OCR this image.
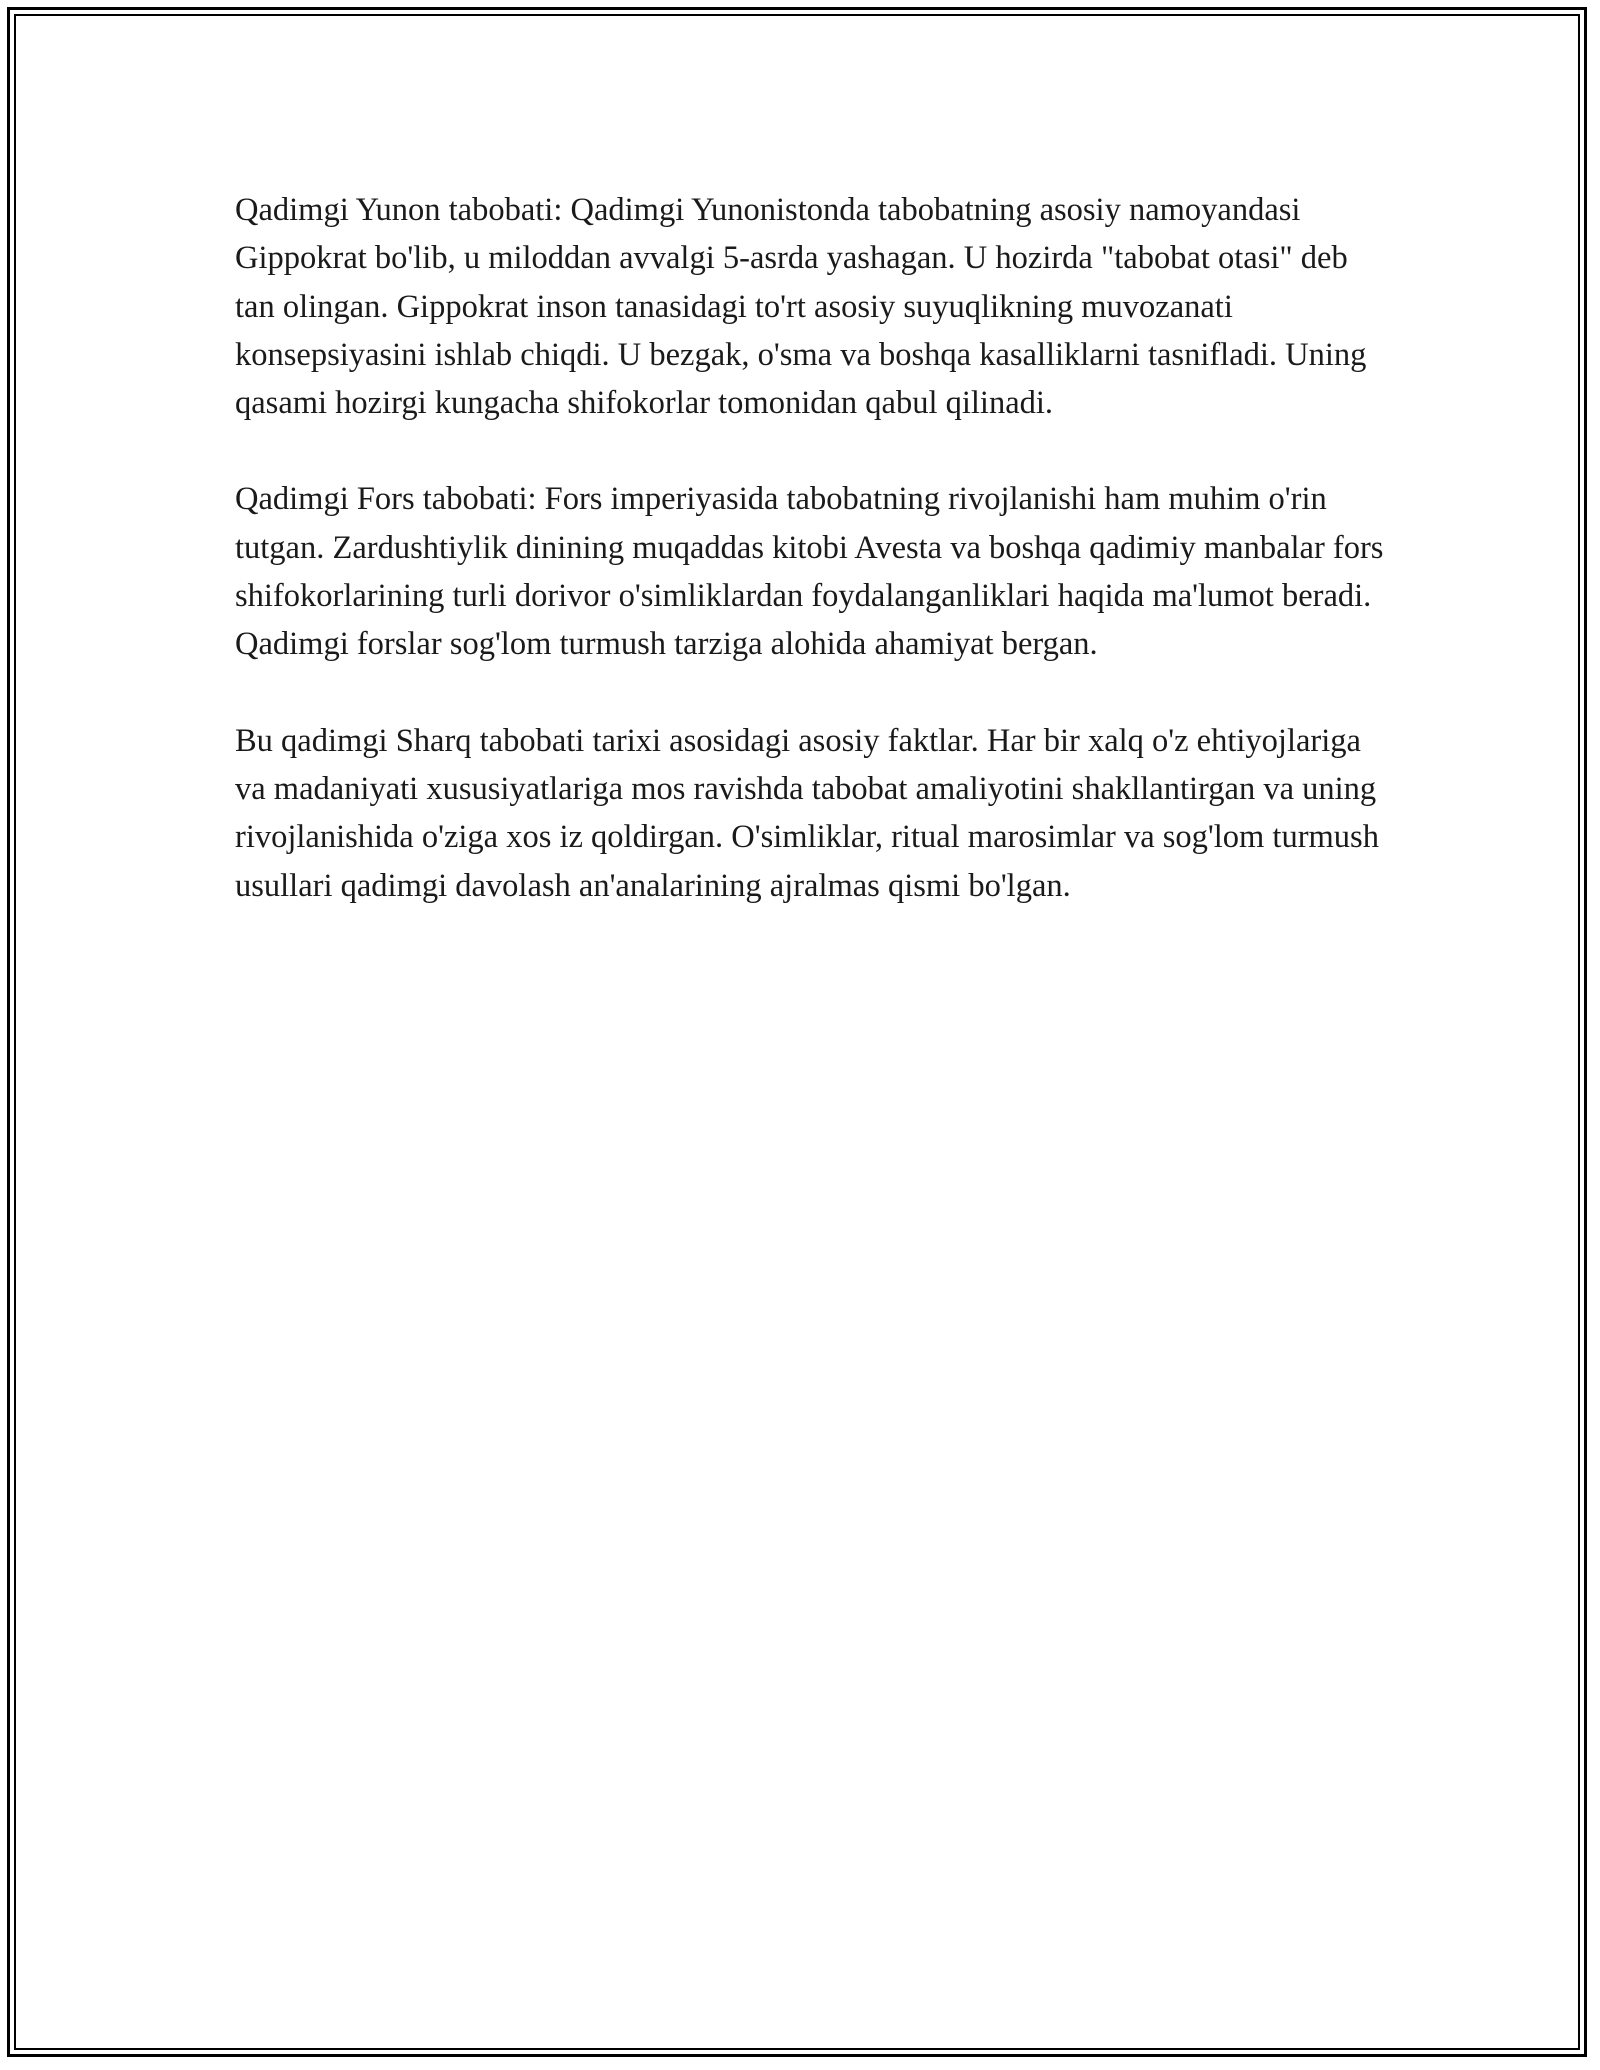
Qadimgi Yunon tabobati: Qadimgi Yunonistonda tabobatning asosiy namoyandasi Gippokrat bo'lib, u miloddan avvalgi 5-asrda yashagan. U hozirda "tabobat otasi" deb tan olingan. Gippokrat inson tanasidagi to'rt asosiy suyuqlikning muvozanati konsepsiyasini ishlab chiqdi. U bezgak, o'sma va boshqa kasalliklarni tasnifladi. Uning qasami hozirgi kungacha shifokorlar tomonidan qabul qilinadi.

Qadimgi Fors tabobati: Fors imperiyasida tabobatning rivojlanishi ham muhim o'rin tutgan. Zardushtiylik dinining muqaddas kitobi Avesta va boshqa qadimiy manbalar fors shifokorlarining turli dorivor o'simliklardan foydalanganliklari haqida ma'lumot beradi. Qadimgi forslar sog'lom turmush tarziga alohida ahamiyat bergan.

Bu qadimgi Sharq tabobati tarixi asosidagi asosiy faktlar. Har bir xalq o'z ehtiyojlariga va madaniyati xususiyatlariga mos ravishda tabobat amaliyotini shakllantirgan va uning rivojlanishida o'ziga xos iz qoldirgan. O'simliklar, ritual marosimlar va sog'lom turmush usullari qadimgi davolash an'analarining ajralmas qismi bo'lgan.
